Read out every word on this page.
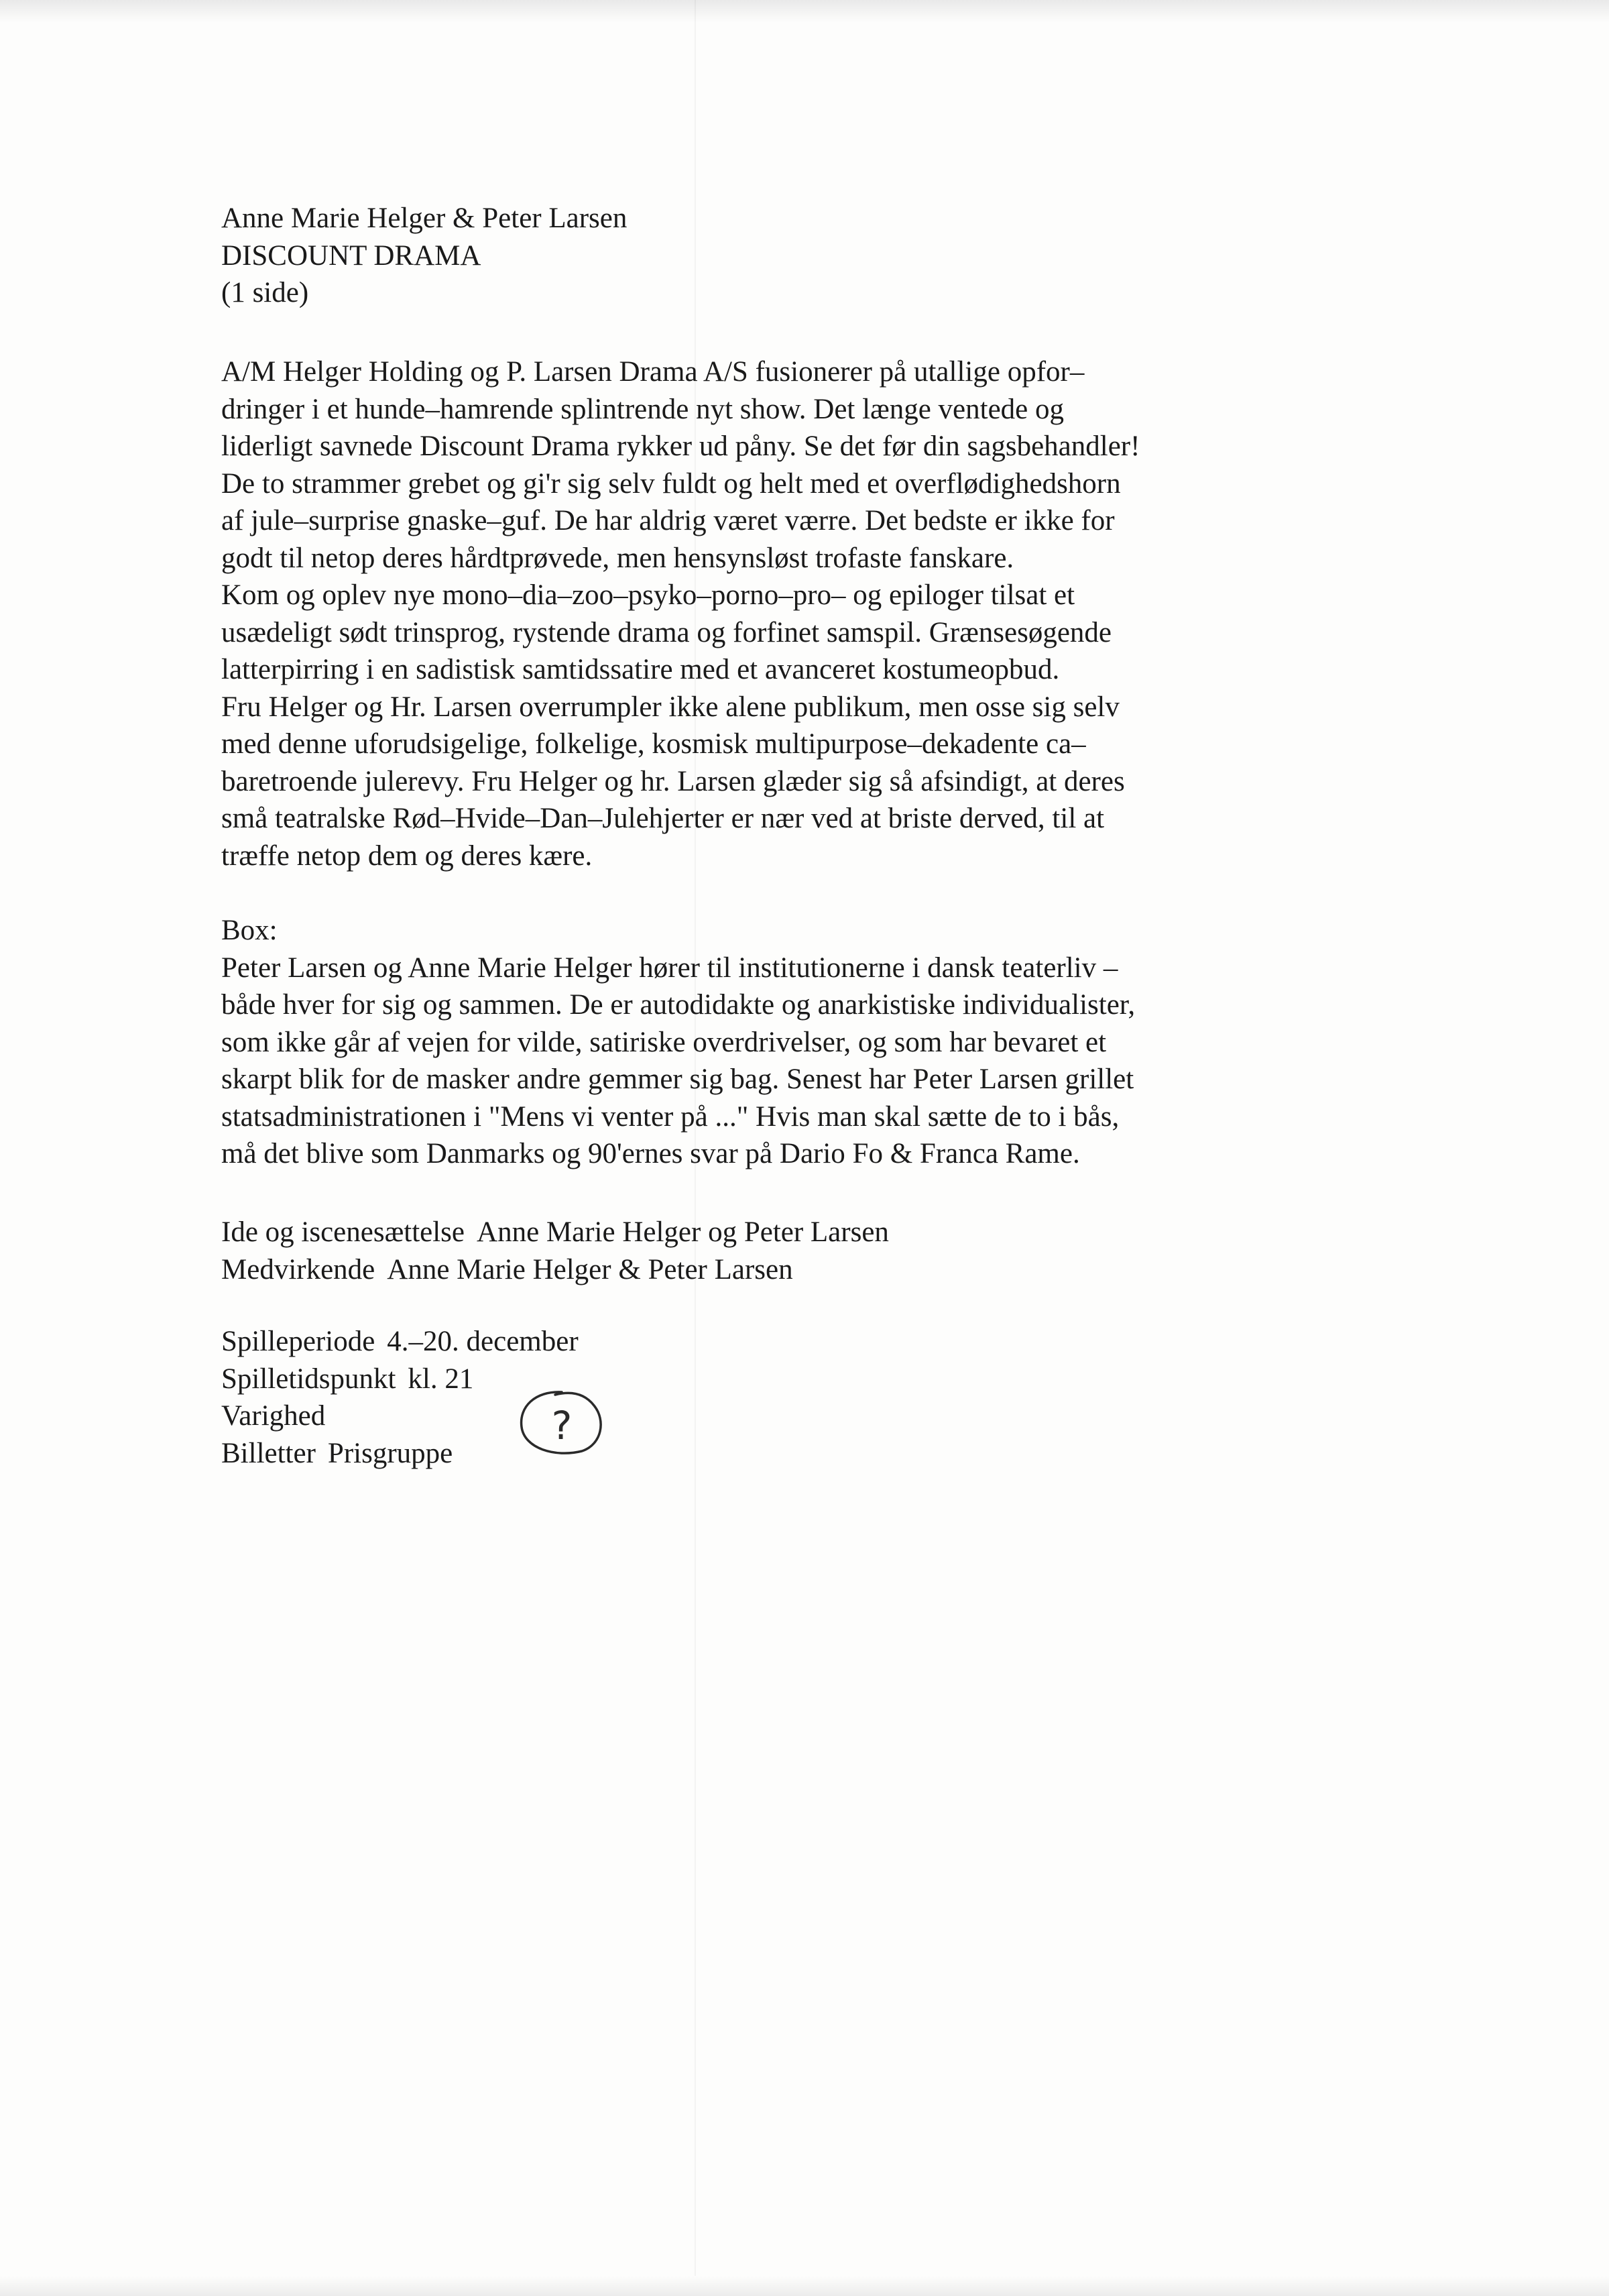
Anne Marie Helger & Peter Larsen
DISCOUNT DRAMA
(1 side)
A/M Helger Holding og P. Larsen Drama A/S fusionerer på utallige opfor–
dringer i et hunde–hamrende splintrende nyt show. Det længe ventede og
liderligt savnede Discount Drama rykker ud påny. Se det før din sagsbehandler!
De to strammer grebet og gi'r sig selv fuldt og helt med et overflødighedshorn
af jule–surprise gnaske–guf. De har aldrig været værre. Det bedste er ikke for
godt til netop deres hårdtprøvede, men hensynsløst trofaste fanskare.
Kom og oplev nye mono–dia–zoo–psyko–porno–pro– og epiloger tilsat et
usædeligt sødt trinsprog, rystende drama og forfinet samspil. Grænsesøgende
latterpirring i en sadistisk samtidssatire med et avanceret kostumeopbud.
Fru Helger og Hr. Larsen overrumpler ikke alene publikum, men osse sig selv
med denne uforudsigelige, folkelige, kosmisk multipurpose–dekadente ca–
baretroende julerevy. Fru Helger og hr. Larsen glæder sig så afsindigt, at deres
små teatralske Rød–Hvide–Dan–Julehjerter er nær ved at briste derved, til at
træffe netop dem og deres kære.
Box:
Peter Larsen og Anne Marie Helger hører til institutionerne i dansk teaterliv –
både hver for sig og sammen. De er autodidakte og anarkistiske individualister,
som ikke går af vejen for vilde, satiriske overdrivelser, og som har bevaret et
skarpt blik for de masker andre gemmer sig bag. Senest har Peter Larsen grillet
statsadministrationen i "Mens vi venter på ..." Hvis man skal sætte de to i bås,
må det blive som Danmarks og 90'ernes svar på Dario Fo & Franca Rame.
Ide og iscenesættelse Anne Marie Helger og Peter Larsen
Medvirkende Anne Marie Helger & Peter Larsen
Spilleperiode 4.–20. december
Spilletidspunkt kl. 21
Varighed
Billetter Prisgruppe
?
